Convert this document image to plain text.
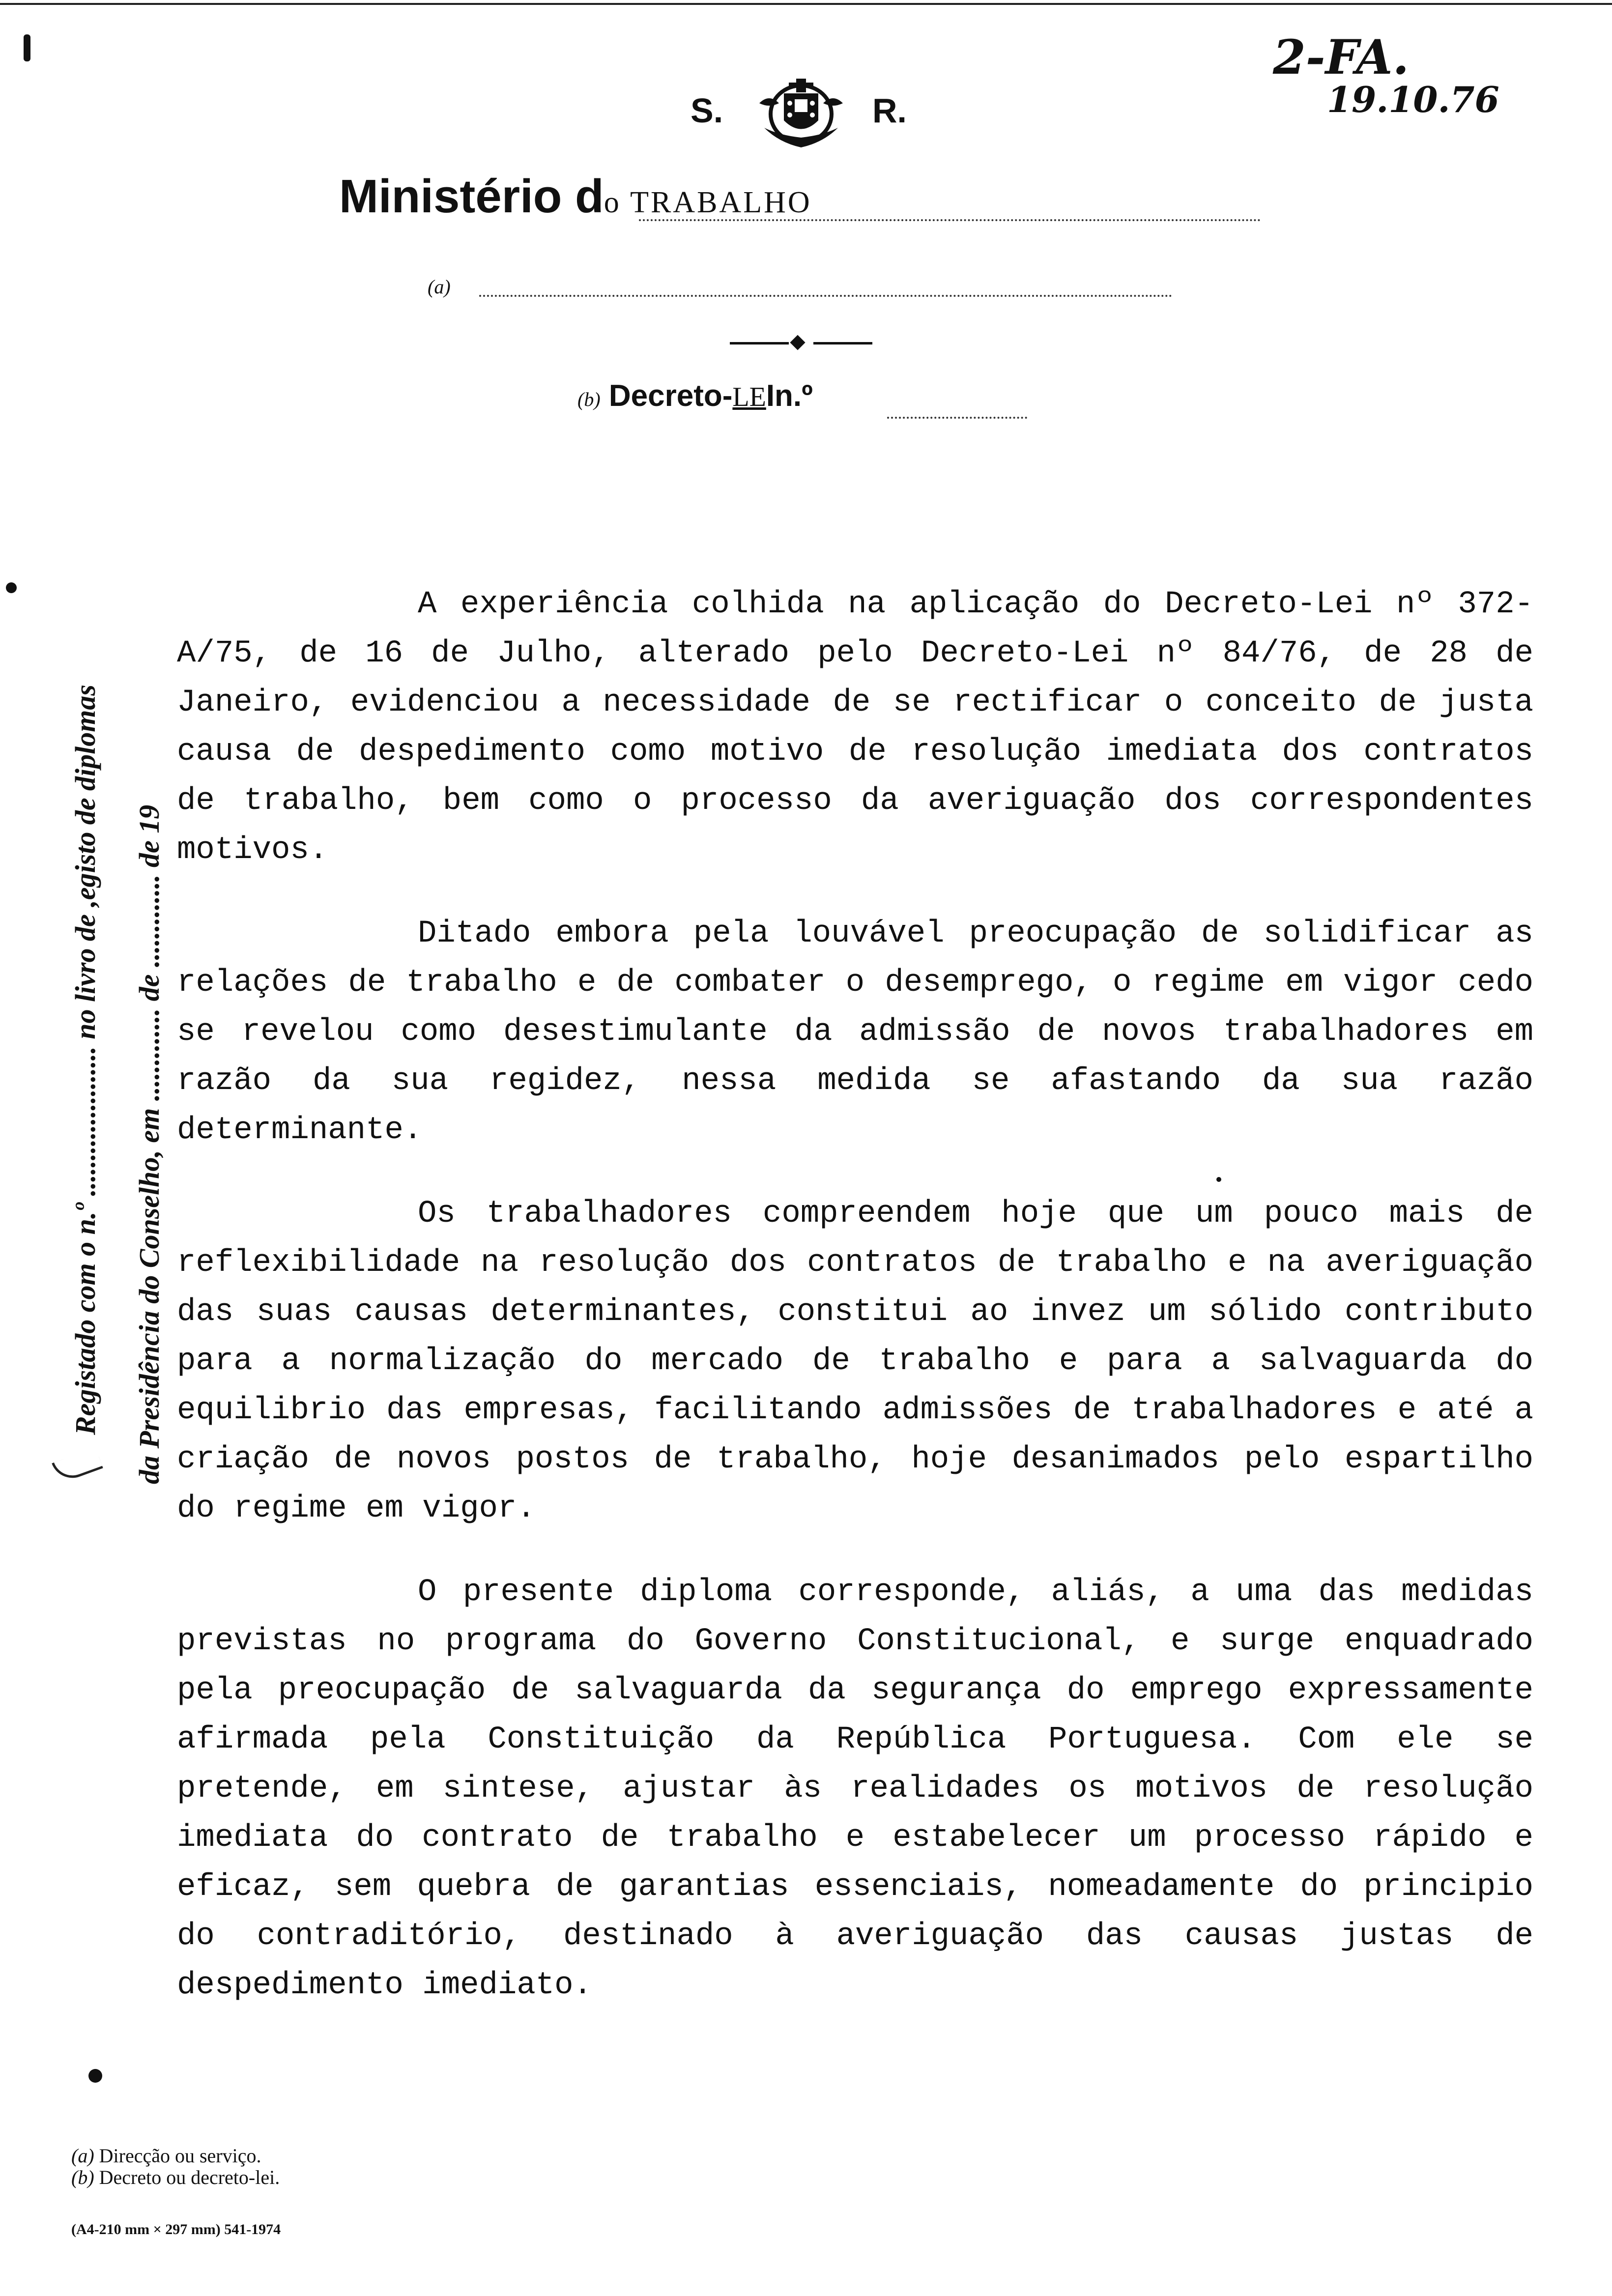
2-FA.
19.10.76
S.	R.
Ministério do TRABALHO
(a)
(b) Decreto-LEIn.º
Registado com o n.º ..................... no livro de ,egisto de diplomas da Presidência do Conselho, em ............. de ............. de 19

A experiência colhida na aplicação do Decreto-Lei nº 372-A/75, de 16 de Julho, alterado pelo Decreto-Lei nº 84/76, de 28 de Janeiro, evidenciou a necessidade de se rectificar o conceito de justa causa de despedimento como motivo de resolução imediata dos contratos de trabalho, bem como o processo da averiguação dos correspondentes motivos.

Ditado embora pela louvável preocupação de solidificar as relações de trabalho e de combater o desemprego, o regime em vigor cedo se revelou como desestimulante da admissão de novos trabalhadores em razão da sua regidez, nessa medida se afastando da sua razão determinante.

Os trabalhadores compreendem hoje que um pouco mais de reflexibilidade na resolução dos contratos de trabalho e na averiguação das suas causas determinantes, constitui ao invez um sólido contributo para a normalização do mercado de trabalho e para a salvaguarda do equilibrio das empresas, facilitando admissões de trabalhadores e até a criação de novos postos de trabalho, hoje desanimados pelo espartilho do regime em vigor.

O presente diploma corresponde, aliás, a uma das medidas previstas no programa do Governo Constitucional, e surge enquadrado pela preocupação de salvaguarda da segurança do emprego expressamente afirmada pela Constituição da República Portuguesa. Com ele se pretende, em sintese, ajustar às realidades os motivos de resolução imediata do contrato de trabalho e estabelecer um processo rápido e eficaz, sem quebra de garantias essenciais, nomeadamente do principio do contraditório, destinado à averiguação das causas justas de despedimento imediato.

(a) Direcção ou serviço.
(b) Decreto ou decreto-lei.
(A4-210 mm × 297 mm) 541-1974
